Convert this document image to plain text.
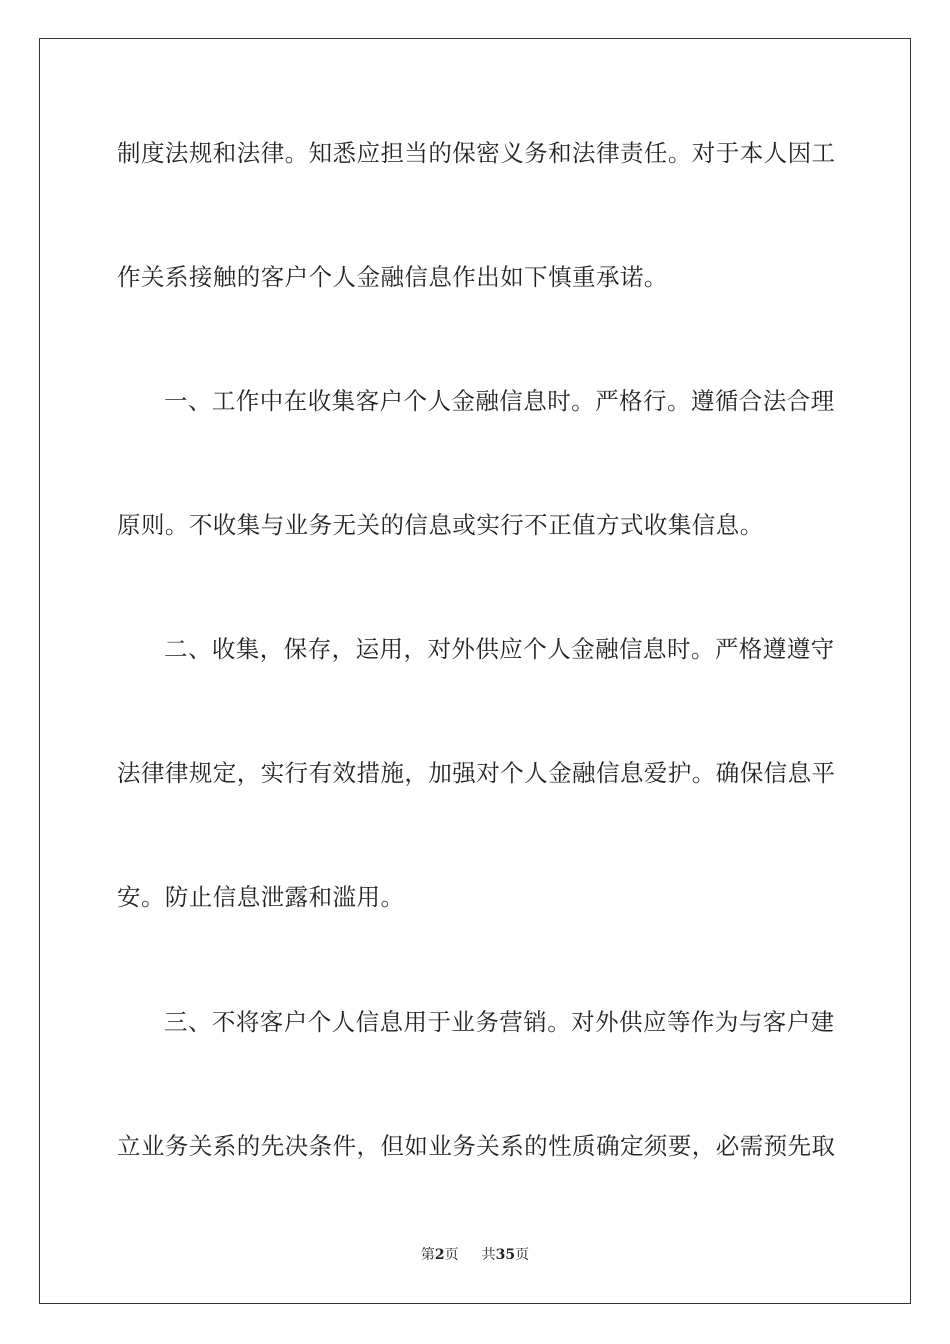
制度法规和法律。知悉应担当的保密义务和法律责任。对于本人因工
作关系接触的客户个人金融信息作出如下慎重承诺。
一、工作中在收集客户个人金融信息时。严格行。遵循合法合理
原则。不收集与业务无关的信息或实行不正值方式收集信息。
二、收集，保存，运用，对外供应个人金融信息时。严格遵遵守
法律律规定，实行有效措施，加强对个人金融信息爱护。确保信息平
安。防止信息泄露和滥用。
三、不将客户个人信息用于业务营销。对外供应等作为与客户建
立业务关系的先决条件，但如业务关系的性质确定须要，必需预先取
第2页 共35页
